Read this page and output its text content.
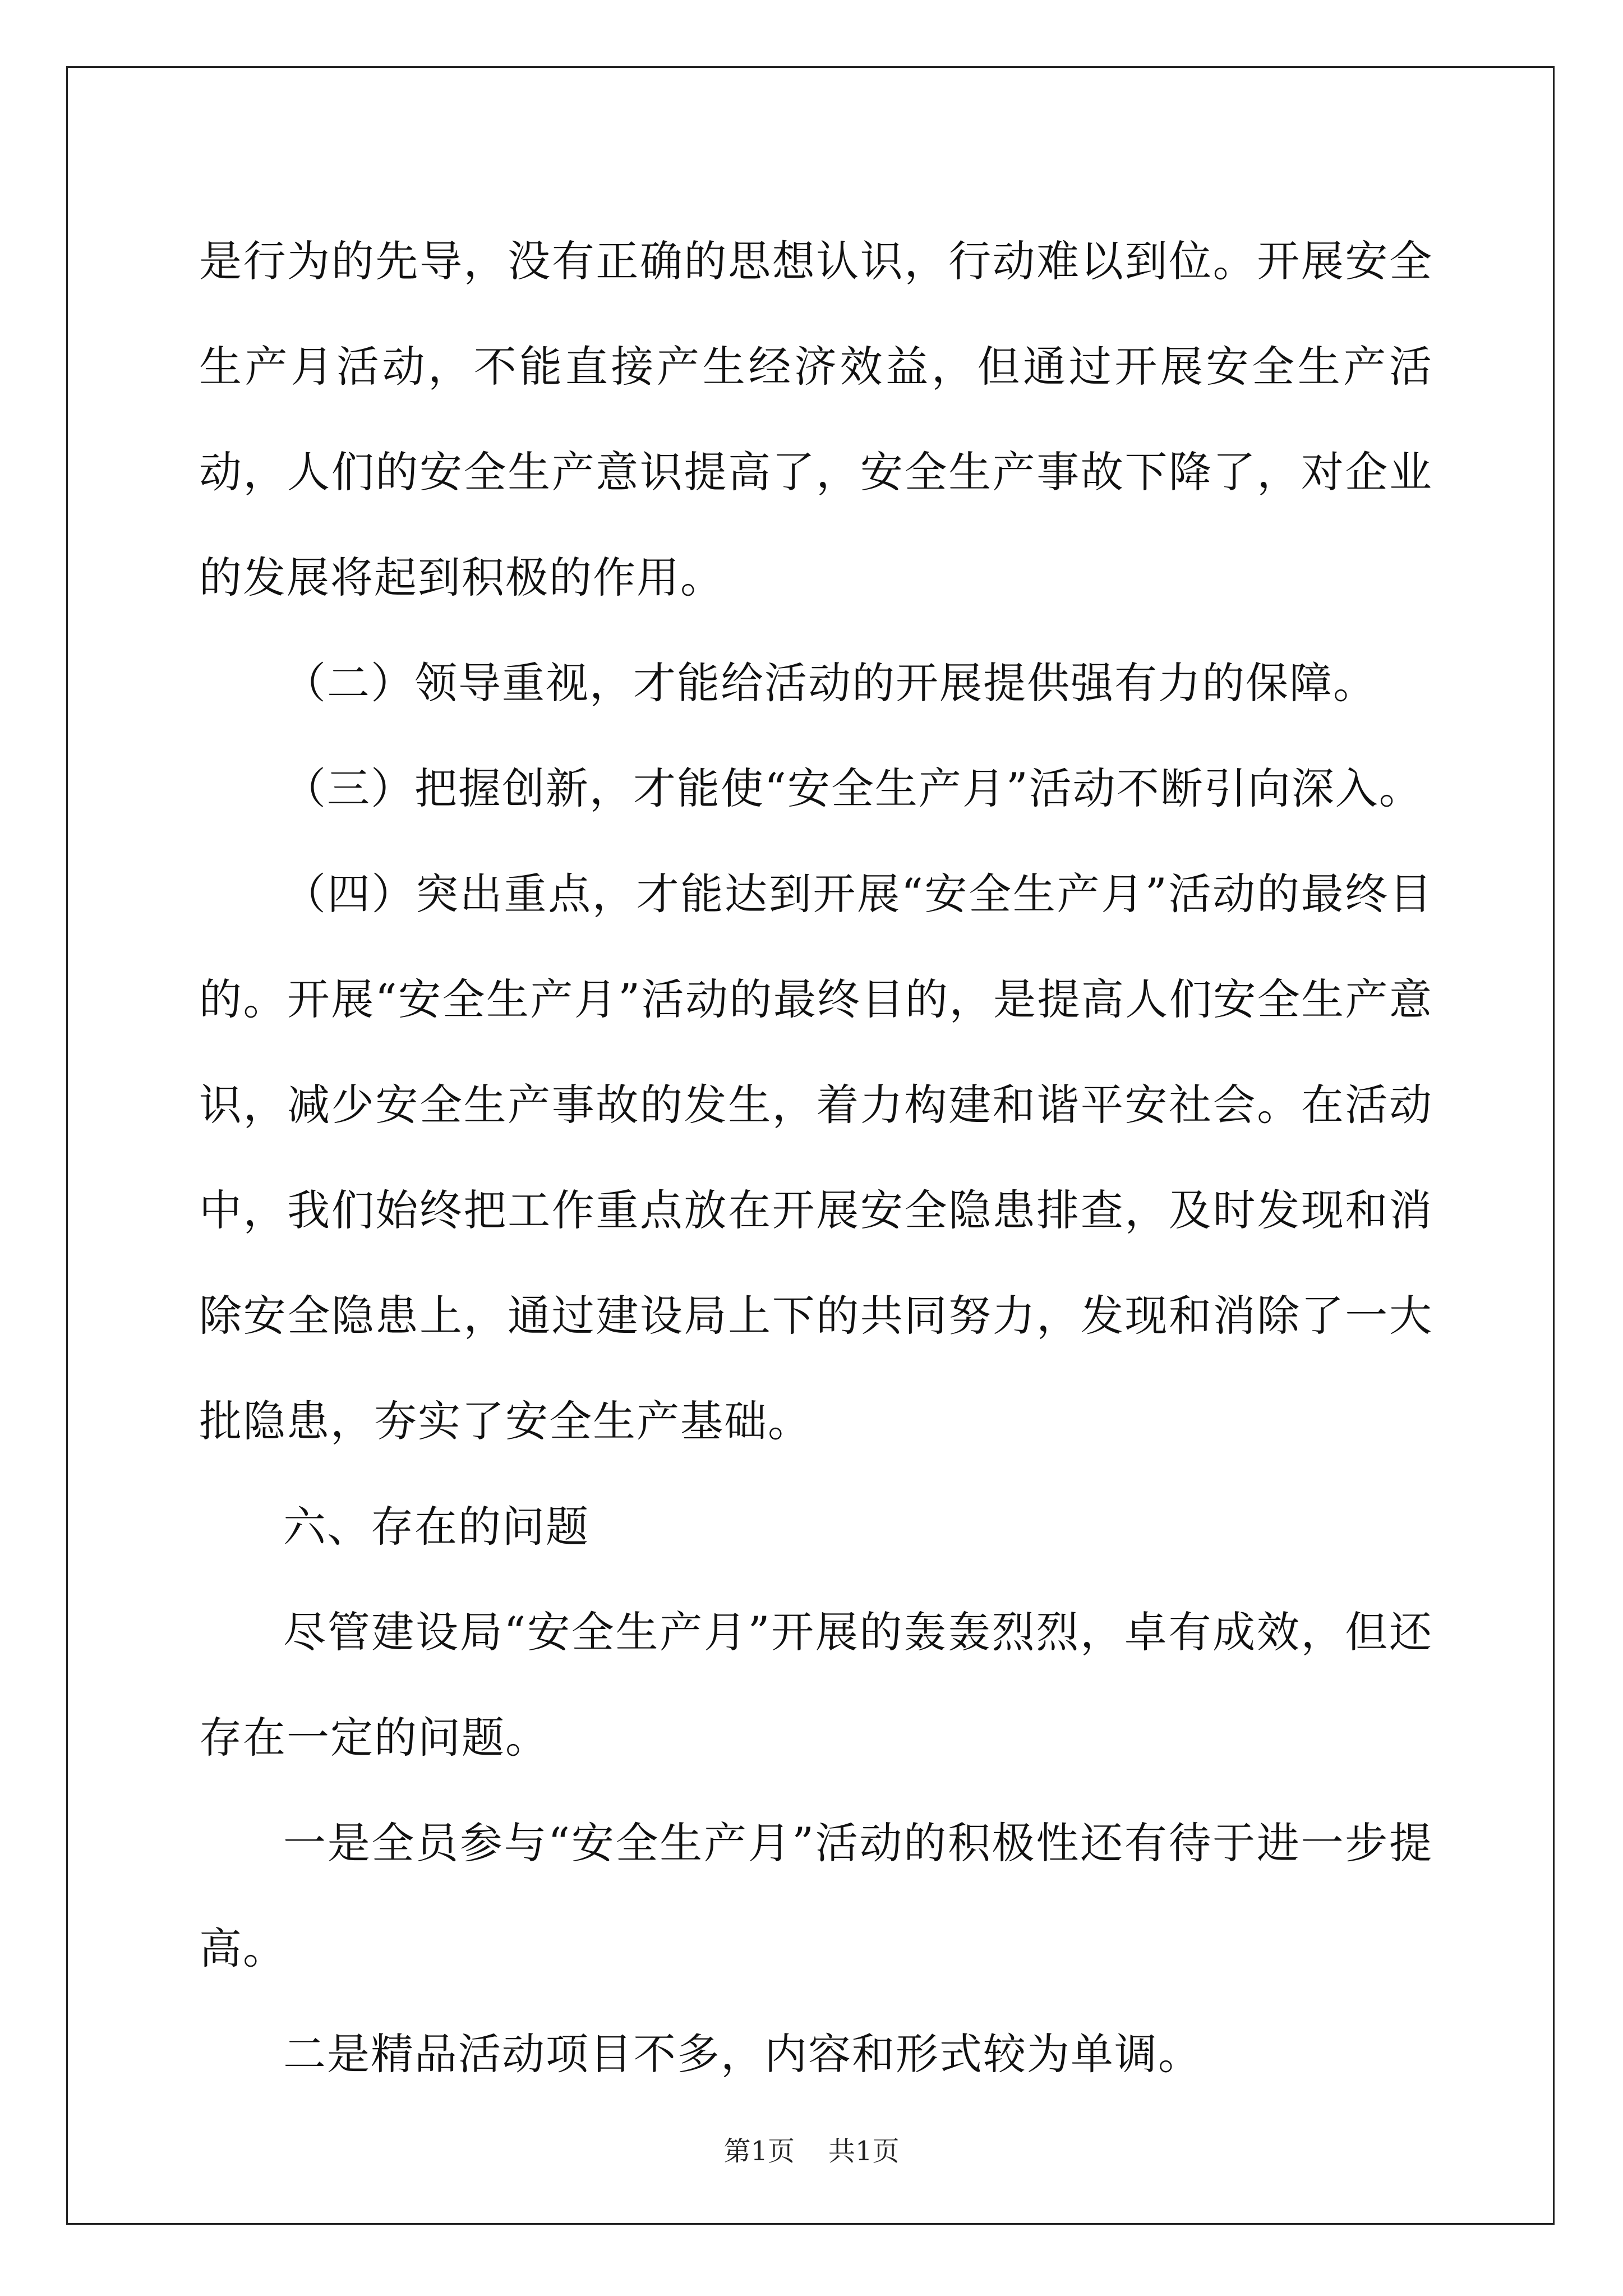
是行为的先导，没有正确的思想认识，行动难以到位。开展安全生产月活动，不能直接产生经济效益，但通过开展安全生产活动，人们的安全生产意识提高了，安全生产事故下降了，对企业的发展将起到积极的作用。

（二）领导重视，才能给活动的开展提供强有力的保障。

（三）把握创新，才能使“安全生产月”活动不断引向深入。

（四）突出重点，才能达到开展“安全生产月”活动的最终目的。开展“安全生产月”活动的最终目的，是提高人们安全生产意识，减少安全生产事故的发生，着力构建和谐平安社会。在活动中，我们始终把工作重点放在开展安全隐患排查，及时发现和消除安全隐患上，通过建设局上下的共同努力，发现和消除了一大批隐患，夯实了安全生产基础。

六、存在的问题

尽管建设局“安全生产月”开展的轰轰烈烈，卓有成效，但还存在一定的问题。

一是全员参与“安全生产月”活动的积极性还有待于进一步提高。

二是精品活动项目不多，内容和形式较为单调。

第1页 共1页
